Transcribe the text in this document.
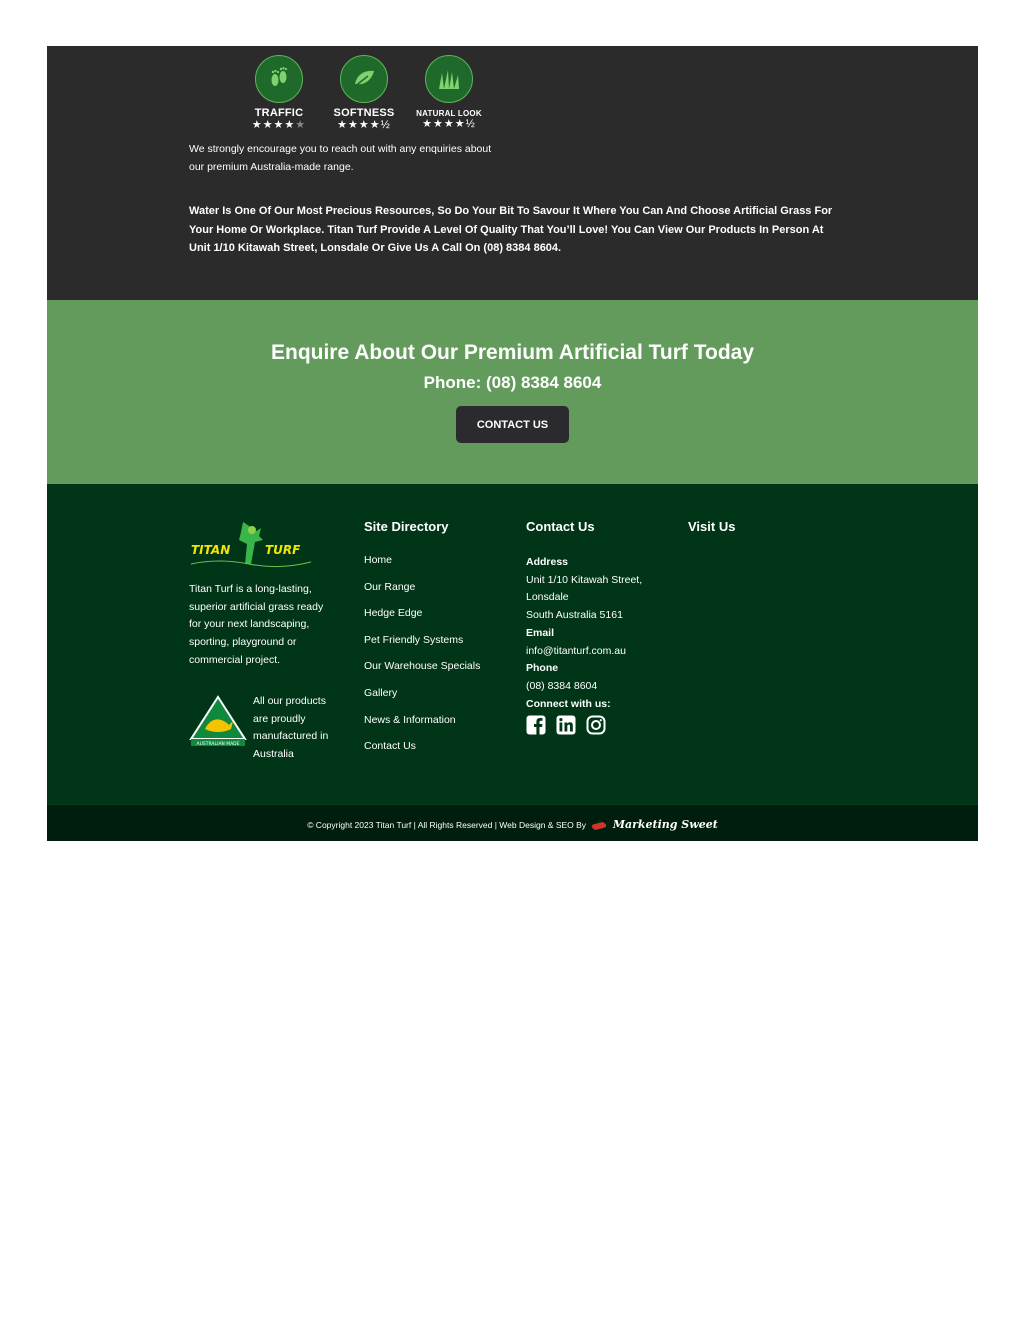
TRAFFIC
★★★★★
SOFTNESS
★★★★½
NATURAL LOOK
★★★★½
We strongly encourage you to reach out with any enquiries about our premium Australia-made range.
Water Is One Of Our Most Precious Resources, So Do Your Bit To Savour It Where You Can And Choose Artificial Grass For Your Home Or Workplace. Titan Turf Provide A Level Of Quality That You’ll Love! You Can View Our Products In Person At Unit 1/10 Kitawah Street, Lonsdale Or Give Us A Call On (08) 8384 8604.
Enquire About Our Premium Artificial Turf Today
Phone: (08) 8384 8604
CONTACT US
TITAN	TURF
Titan Turf is a long-lasting, superior artificial grass ready for your next landscaping, sporting, playground or commercial project.
AUSTRALIAN MADE
All our products are proudly manufactured in Australia
Site Directory
Home
Our Range
Hedge Edge
Pet Friendly Systems
Our Warehouse Specials
Gallery
News & Information
Contact Us
Contact Us
Address
Unit 1/10 Kitawah Street, Lonsdale
South Australia 5161
Email
info@titanturf.com.au
Phone
(08) 8384 8604
Connect with us:
Visit Us
© Copyright 2023 Titan Turf | All Rights Reserved | Web Design & SEO By Marketing Sweet
